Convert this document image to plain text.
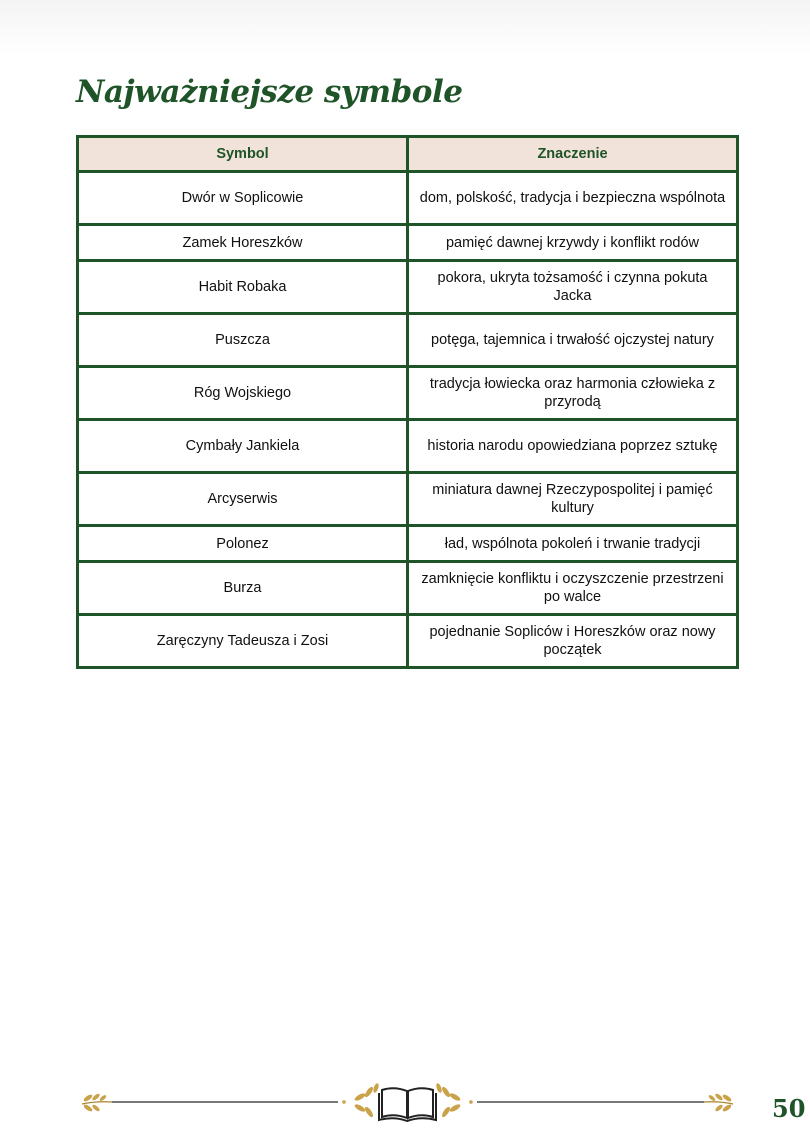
Najważniejsze symbole
Symbol	Znaczenie
Dwór w Soplicowie	dom, polskość, tradycja i bezpieczna wspólnota
Zamek Horeszków	pamięć dawnej krzywdy i konflikt rodów
Habit Robaka	pokora, ukryta tożsamość i czynna pokuta Jacka
Puszcza	potęga, tajemnica i trwałość ojczystej natury
Róg Wojskiego	tradycja łowiecka oraz harmonia człowieka z przyrodą
Cymbały Jankiela	historia narodu opowiedziana poprzez sztukę
Arcyserwis	miniatura dawnej Rzeczypospolitej i pamięć kultury
Polonez	ład, wspólnota pokoleń i trwanie tradycji
Burza	zamknięcie konfliktu i oczyszczenie przestrzeni po walce
Zaręczyny Tadeusza i Zosi	pojednanie Sopliców i Horeszków oraz nowy początek
50
